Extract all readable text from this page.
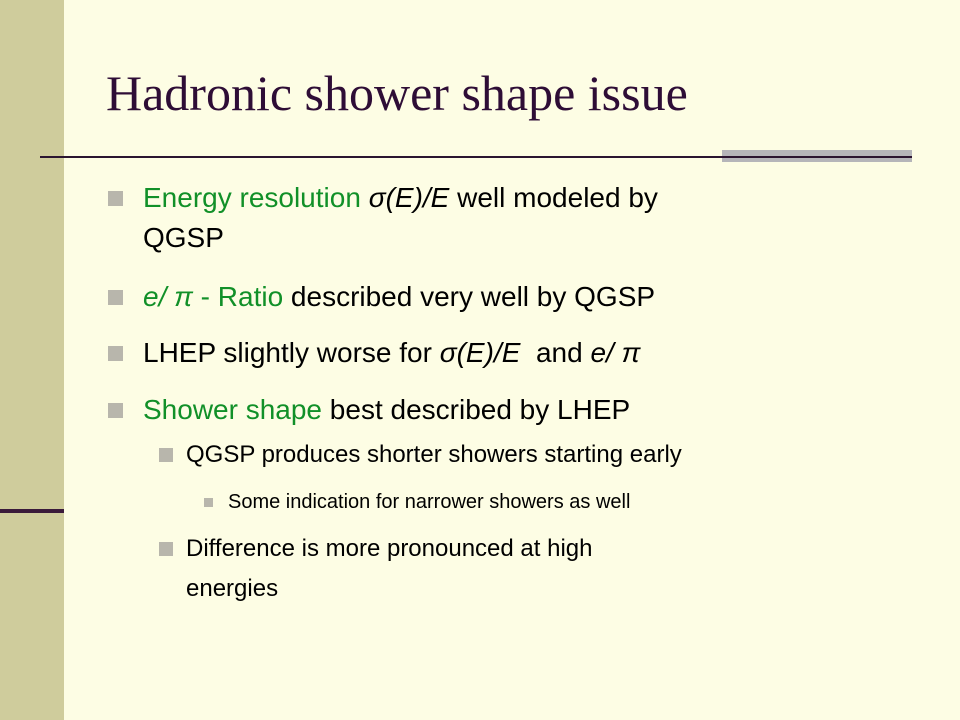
Hadronic shower shape issue
Energy resolution σ(E)/E well modeled by
QGSP
e/ π - Ratio described very well by QGSP
LHEP slightly worse for σ(E)/E  and e/ π
Shower shape best described by LHEP
QGSP produces shorter showers starting early
Some indication for narrower showers as well
Difference is more pronounced at high
energies
